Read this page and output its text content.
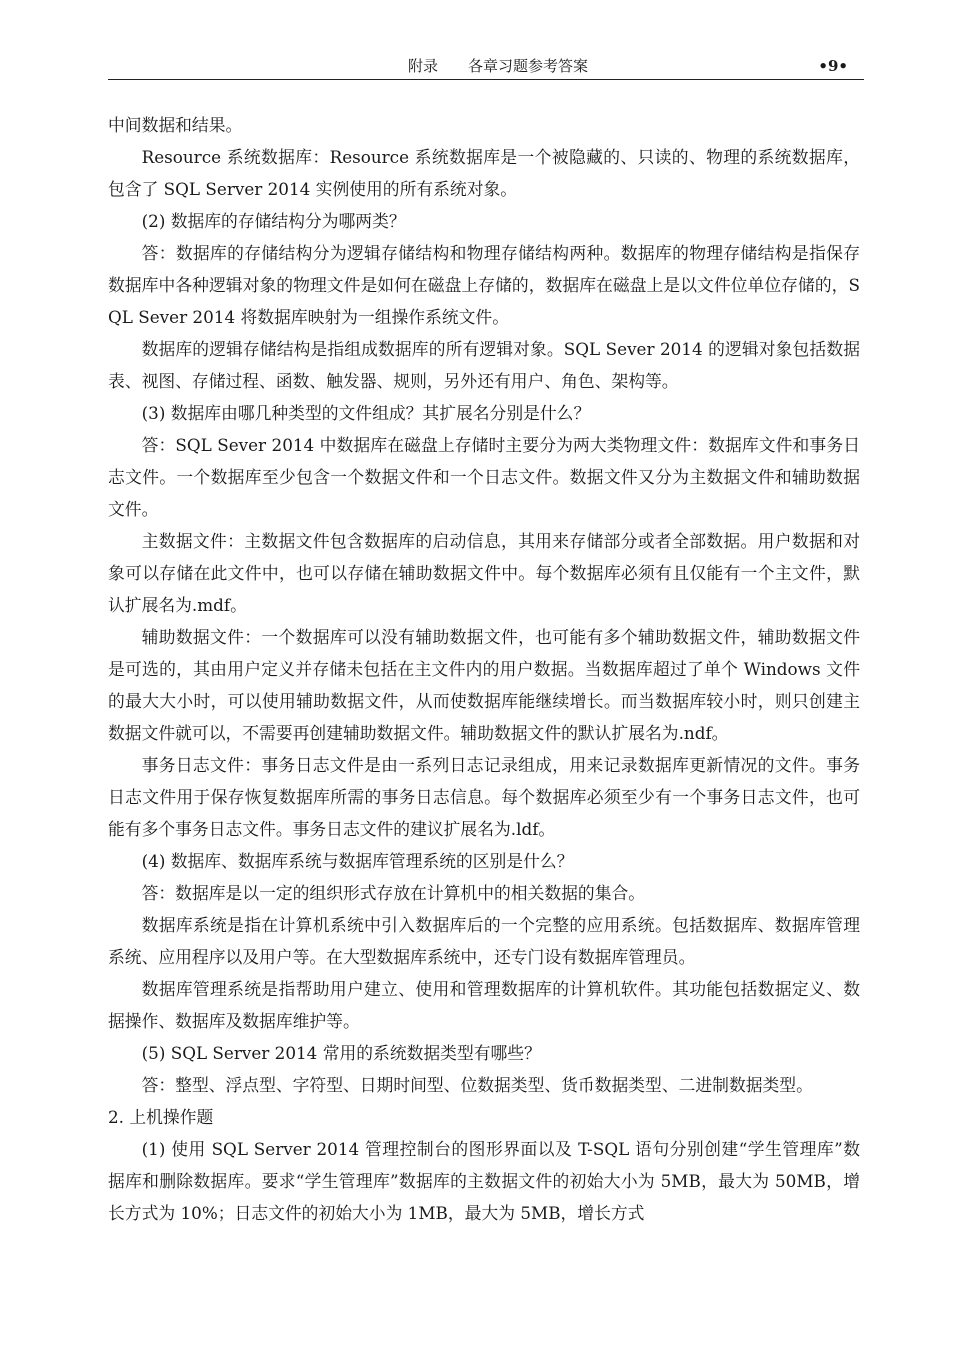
附录　　各章习题参考答案	•9•

中间数据和结果。

Resource 系统数据库：Resource 系统数据库是一个被隐藏的、只读的、物理的系统数据库，包含了 SQL Server 2014 实例使用的所有系统对象。

(2) 数据库的存储结构分为哪两类？

答：数据库的存储结构分为逻辑存储结构和物理存储结构两种。数据库的物理存储结构是指保存数据库中各种逻辑对象的物理文件是如何在磁盘上存储的，数据库在磁盘上是以文件位单位存储的，SQL Sever 2014 将数据库映射为一组操作系统文件。

数据库的逻辑存储结构是指组成数据库的所有逻辑对象。SQL Sever 2014 的逻辑对象包括数据表、视图、存储过程、函数、触发器、规则，另外还有用户、角色、架构等。

(3) 数据库由哪几种类型的文件组成？其扩展名分别是什么？

答：SQL Sever 2014 中数据库在磁盘上存储时主要分为两大类物理文件：数据库文件和事务日志文件。一个数据库至少包含一个数据文件和一个日志文件。数据文件又分为主数据文件和辅助数据文件。

主数据文件：主数据文件包含数据库的启动信息，其用来存储部分或者全部数据。用户数据和对象可以存储在此文件中，也可以存储在辅助数据文件中。每个数据库必须有且仅能有一个主文件，默认扩展名为.mdf。

辅助数据文件：一个数据库可以没有辅助数据文件，也可能有多个辅助数据文件，辅助数据文件是可选的，其由用户定义并存储未包括在主文件内的用户数据。当数据库超过了单个 Windows 文件的最大大小时，可以使用辅助数据文件，从而使数据库能继续增长。而当数据库较小时，则只创建主数据文件就可以，不需要再创建辅助数据文件。辅助数据文件的默认扩展名为.ndf。

事务日志文件：事务日志文件是由一系列日志记录组成，用来记录数据库更新情况的文件。事务日志文件用于保存恢复数据库所需的事务日志信息。每个数据库必须至少有一个事务日志文件，也可能有多个事务日志文件。事务日志文件的建议扩展名为.ldf。

(4) 数据库、数据库系统与数据库管理系统的区别是什么？

答：数据库是以一定的组织形式存放在计算机中的相关数据的集合。

数据库系统是指在计算机系统中引入数据库后的一个完整的应用系统。包括数据库、数据库管理系统、应用程序以及用户等。在大型数据库系统中，还专门设有数据库管理员。

数据库管理系统是指帮助用户建立、使用和管理数据库的计算机软件。其功能包括数据定义、数据操作、数据库及数据库维护等。

(5) SQL Server 2014 常用的系统数据类型有哪些？

答：整型、浮点型、字符型、日期时间型、位数据类型、货币数据类型、二进制数据类型。

2. 上机操作题

(1) 使用 SQL Server 2014 管理控制台的图形界面以及 T-SQL 语句分别创建“学生管理库”数据库和删除数据库。要求“学生管理库”数据库的主数据文件的初始大小为 5MB，最大为 50MB，增长方式为 10%；日志文件的初始大小为 1MB，最大为 5MB，增长方式
